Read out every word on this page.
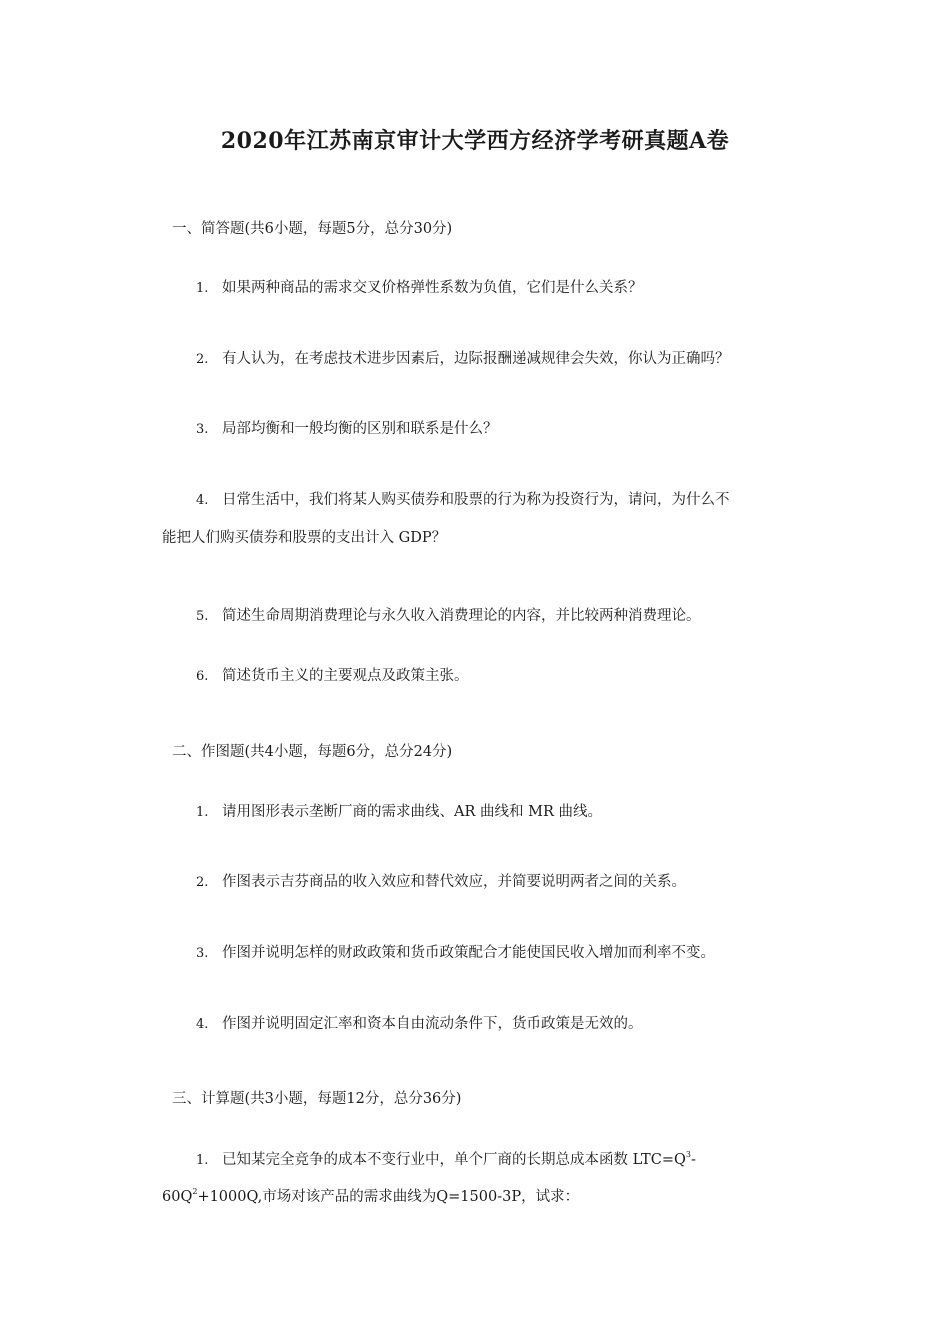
2020年江苏南京审计大学西方经济学考研真题A卷
一、简答题(共6小题，每题5分，总分30分)
1. 如果两种商品的需求交叉价格弹性系数为负值，它们是什么关系？
2. 有人认为，在考虑技术进步因素后，边际报酬递减规律会失效，你认为正确吗？
3. 局部均衡和一般均衡的区别和联系是什么？
4. 日常生活中，我们将某人购买债券和股票的行为称为投资行为，请问，为什么不
能把人们购买债券和股票的支出计入 GDP？
5. 简述生命周期消费理论与永久收入消费理论的内容，并比较两种消费理论。
6. 简述货币主义的主要观点及政策主张。
二、作图题(共4小题，每题6分，总分24分)
1. 请用图形表示垄断厂商的需求曲线、AR 曲线和 MR 曲线。
2. 作图表示吉芬商品的收入效应和替代效应，并简要说明两者之间的关系。
3. 作图并说明怎样的财政政策和货币政策配合才能使国民收入增加而利率不变。
4. 作图并说明固定汇率和资本自由流动条件下，货币政策是无效的。
三、计算题(共3小题，每题12分，总分36分)
1. 已知某完全竞争的成本不变行业中，单个厂商的长期总成本函数 $LTC=Q^3-$
$60Q^2+1000Q$,市场对该产品的需求曲线为Q=1500-3P，试求：
